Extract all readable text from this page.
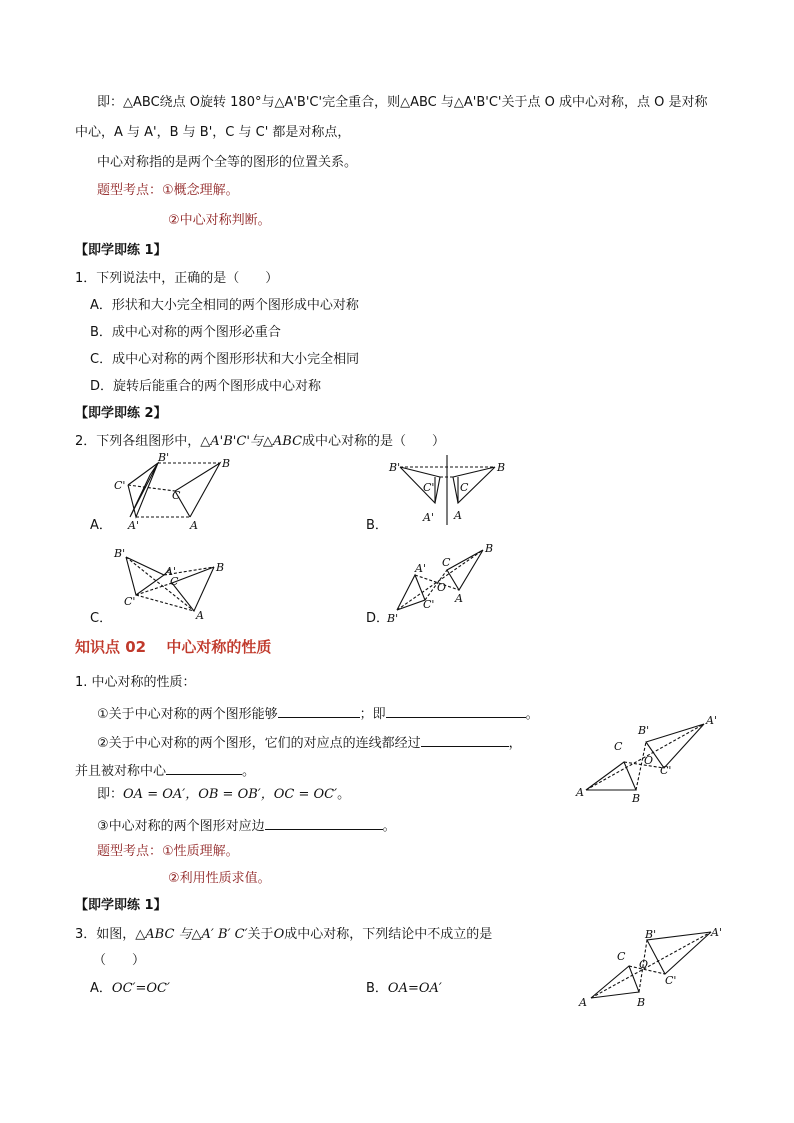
即：△ABC绕点 O旋转 180°与△A'B'C'完全重合，则△ABC 与△A'B'C'关于点 O 成中心对称，点 O 是对称
中心，A 与 A'，B 与 B'，C 与 C' 都是对称点，
中心对称指的是两个全等的图形的位置关系。
题型考点：①概念理解。
②中心对称判断。
【即学即练 1】
1．下列说法中，正确的是（　　）
A．形状和大小完全相同的两个图形成中心对称
B．成中心对称的两个图形必重合
C．成中心对称的两个图形形状和大小完全相同
D．旋转后能重合的两个图形成中心对称
【即学即练 2】
2．下列各组图形中，△A'B'C'与△ABC成中心对称的是（　　）
B'	B
C'
C
A'	A
A．
B'	B
C' C
A' A
B．
B'
B
C'
C
A'
A
C．
B
C
A'
O
C' A
B'
D．
知识点 02　 中心对称的性质
1. 中心对称的性质：
①关于中心对称的两个图形能够	；即	。
②关于中心对称的两个图形，它们的对应点的连线都经过	，
并且被对称中心	。
即：OA = OA′，OB = OB′，OC = OC′。
③中心对称的两个图形对应边	。
题型考点：①性质理解。
②利用性质求值。
A'
B'
C
O
C'
A	B
【即学即练 1】
3．如图，△ABC 与△A′ B′ C′关于O成中心对称，下列结论中不成立的是
（　　）
A．OC′=OC′	B．OA=OA′
A'
B'
C
O
C'
A	B
